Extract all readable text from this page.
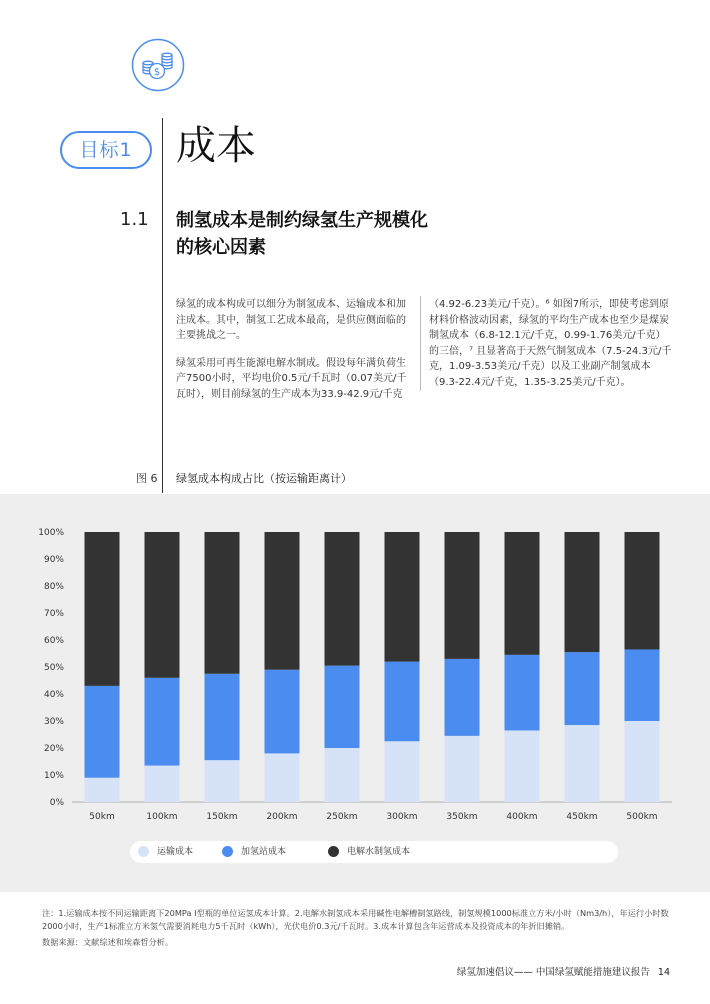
$
目标1	成本
1.1 制氢成本是制约绿氢生产规模化的核心因素

绿氢的成本构成可以细分为制氢成本、运输成本和加注成本。其中，制氢工艺成本最高，是供应侧面临的主要挑战之一。

绿氢采用可再生能源电解水制成。假设每年满负荷生产7500小时，平均电价0.5元/千瓦时（0.07美元/千瓦时），则目前绿氢的生产成本为33.9-42.9元/千克

（4.92-6.23美元/千克）。⁶ 如图7所示，即使考虑到原材料价格波动因素，绿氢的平均生产成本也至少是煤炭制氢成本（6.8-12.1元/千克，0.99-1.76美元/千克）的三倍，⁷ 且显著高于天然气制氢成本（7.5-24.3元/千克，1.09-3.53美元/千克）以及工业副产制氢成本（9.3-22.4元/千克，1.35-3.25美元/千克）。

图 6 绿氢成本构成占比（按运输距离计）
0%
10%
20%
30%
40%
50%
60%
70%
80%
90%
100%
50km	100km	150km	200km	250km	300km	350km	400km	450km	500km
运输成本	加氢站成本	电解水制氢成本
注：1.运输成本按不同运输距离下20MPa I型瓶的单位运氢成本计算。2.电解水制氢成本采用碱性电解槽制氢路线，制氢规模1000标准立方米/小时（Nm3/h），年运行小时数2000小时，生产1标准立方米氢气需要消耗电力5千瓦时（kWh），光伏电价0.3元/千瓦时。3.成本计算包含年运营成本及投资成本的年折旧摊销。
数据来源：文献综述和埃森哲分析。
绿氢加速倡议—— 中国绿氢赋能措施建议报告 14
